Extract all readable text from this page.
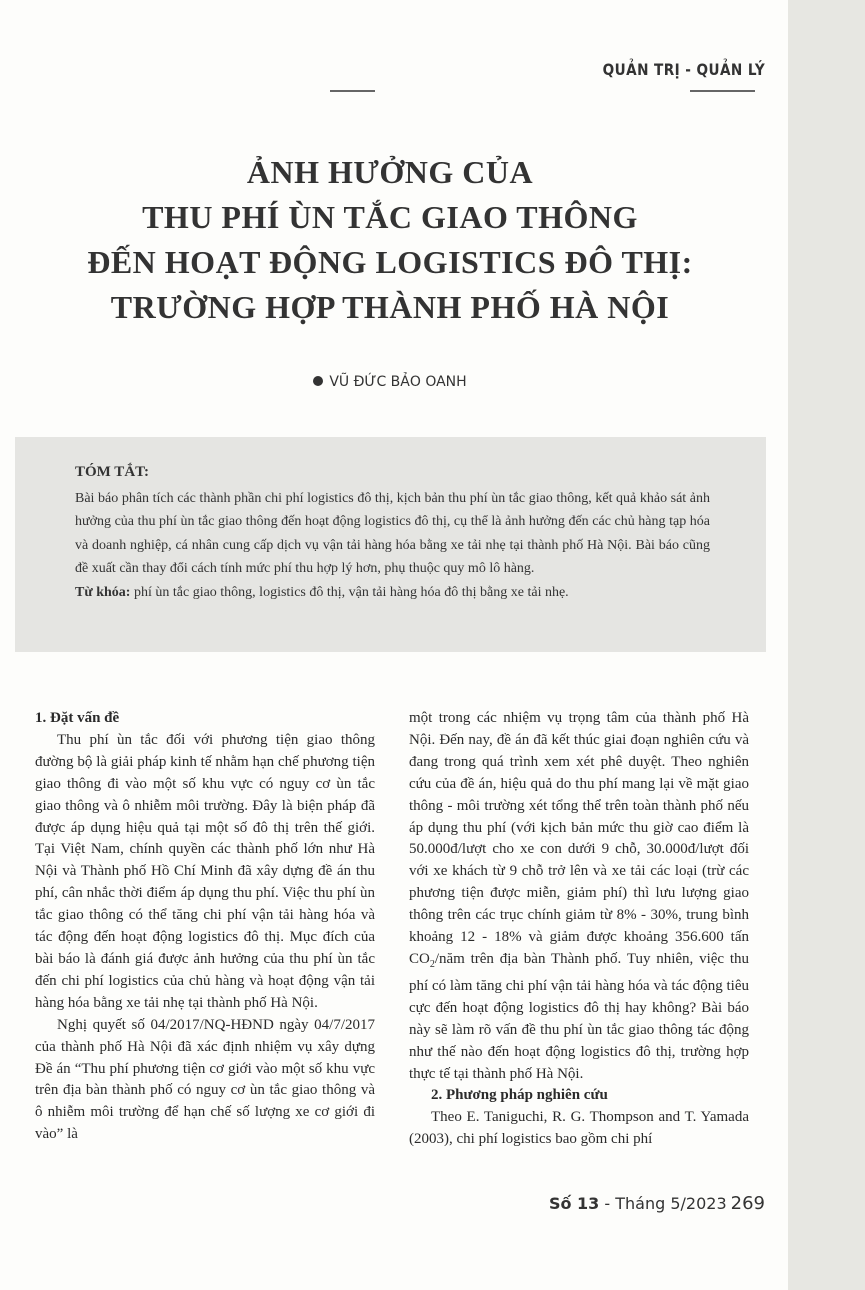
QUẢN TRỊ - QUẢN LÝ
ẢNH HƯỞNG CỦA
THU PHÍ ÙN TẮC GIAO THÔNG
ĐẾN HOẠT ĐỘNG LOGISTICS ĐÔ THỊ:
TRƯỜNG HỢP THÀNH PHỐ HÀ NỘI
VŨ ĐỨC BẢO OANH
TÓM TẮT:
Bài báo phân tích các thành phần chi phí logistics đô thị, kịch bản thu phí ùn tắc giao thông, kết quả khảo sát ảnh hưởng của thu phí ùn tắc giao thông đến hoạt động logistics đô thị, cụ thể là ảnh hưởng đến các chủ hàng tạp hóa và doanh nghiệp, cá nhân cung cấp dịch vụ vận tải hàng hóa bằng xe tải nhẹ tại thành phố Hà Nội. Bài báo cũng đề xuất cần thay đổi cách tính mức phí thu hợp lý hơn, phụ thuộc quy mô lô hàng.
Từ khóa: phí ùn tắc giao thông, logistics đô thị, vận tải hàng hóa đô thị bằng xe tải nhẹ.
1. Đặt vấn đề

Thu phí ùn tắc đối với phương tiện giao thông đường bộ là giải pháp kinh tế nhằm hạn chế phương tiện giao thông đi vào một số khu vực có nguy cơ ùn tắc giao thông và ô nhiễm môi trường. Đây là biện pháp đã được áp dụng hiệu quả tại một số đô thị trên thế giới. Tại Việt Nam, chính quyền các thành phố lớn như Hà Nội và Thành phố Hồ Chí Minh đã xây dựng đề án thu phí, cân nhắc thời điểm áp dụng thu phí. Việc thu phí ùn tắc giao thông có thể tăng chi phí vận tải hàng hóa và tác động đến hoạt động logistics đô thị. Mục đích của bài báo là đánh giá được ảnh hưởng của thu phí ùn tắc đến chi phí logistics của chủ hàng và hoạt động vận tải hàng hóa bằng xe tải nhẹ tại thành phố Hà Nội.

Nghị quyết số 04/2017/NQ-HĐND ngày 04/7/2017 của thành phố Hà Nội đã xác định nhiệm vụ xây dựng Đề án “Thu phí phương tiện cơ giới vào một số khu vực trên địa bàn thành phố có nguy cơ ùn tắc giao thông và ô nhiễm môi trường để hạn chế số lượng xe cơ giới đi vào” là

một trong các nhiệm vụ trọng tâm của thành phố Hà Nội. Đến nay, đề án đã kết thúc giai đoạn nghiên cứu và đang trong quá trình xem xét phê duyệt. Theo nghiên cứu của đề án, hiệu quả do thu phí mang lại về mặt giao thông - môi trường xét tổng thể trên toàn thành phố nếu áp dụng thu phí (với kịch bản mức thu giờ cao điểm là 50.000đ/lượt cho xe con dưới 9 chỗ, 30.000đ/lượt đối với xe khách từ 9 chỗ trở lên và xe tải các loại (trừ các phương tiện được miễn, giảm phí) thì lưu lượng giao thông trên các trục chính giảm từ 8% - 30%, trung bình khoảng 12 - 18% và giảm được khoảng 356.600 tấn $CO_2$/năm trên địa bàn Thành phố. Tuy nhiên, việc thu phí có làm tăng chi phí vận tải hàng hóa và tác động tiêu cực đến hoạt động logistics đô thị hay không? Bài báo này sẽ làm rõ vấn đề thu phí ùn tắc giao thông tác động như thế nào đến hoạt động logistics đô thị, trường hợp thực tế tại thành phố Hà Nội.

2. Phương pháp nghiên cứu

Theo E. Taniguchi, R. G. Thompson and T. Yamada (2003), chi phí logistics bao gồm chi phí

Số 13 - Tháng 5/2023 269
